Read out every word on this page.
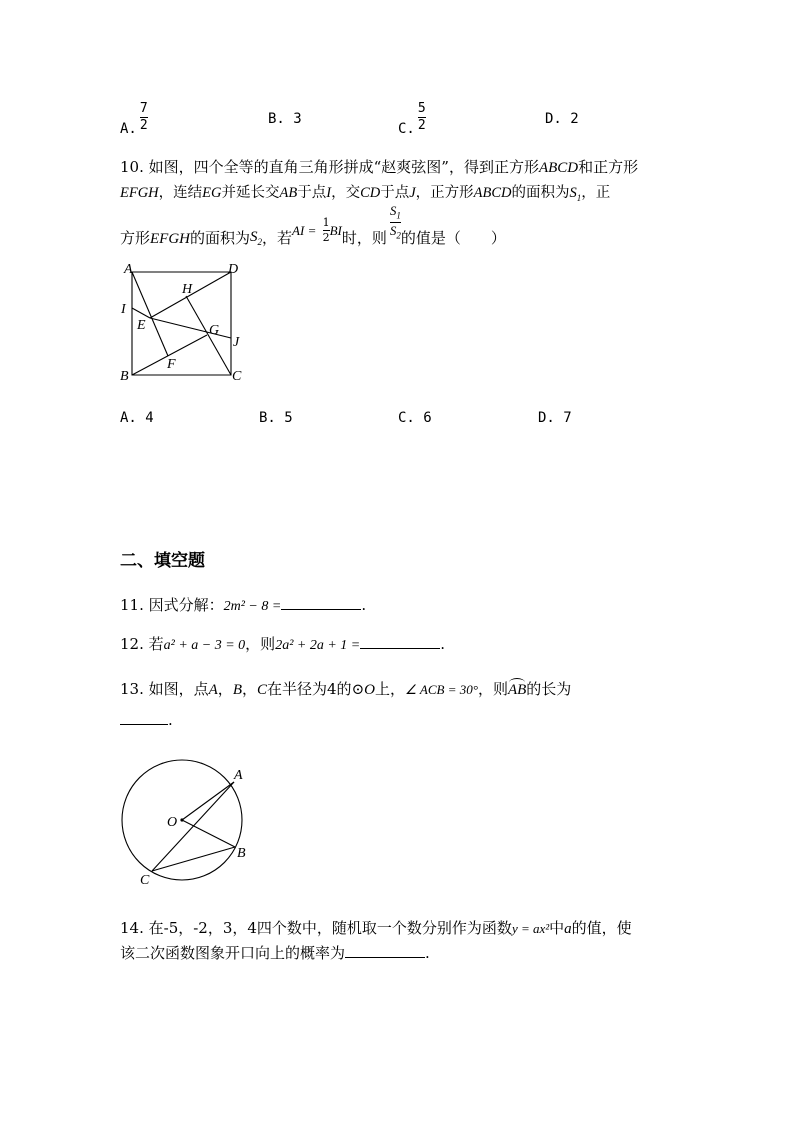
A. $\frac{7}{2}$	B. 3
C. $\frac{5}{2}$	D. 2
10. 如图，四个全等的直角三角形拼成“赵爽弦图”，得到正方形ABCD和正方形
EFGH，连结EG并延长交AB于点I，交CD于点J，正方形ABCD的面积为$S_1$，正
方形EFGH的面积为$S_2$，若AI = $\frac{1}{2}$ BI时，则 $\frac{S_1}{S_2}$ 的值是（　　）
A	D
B	C
I
E
H
G
J
F
A. 4	B. 5	C. 6	D. 7
二、填空题
11. 因式分解：2m² − 8 =	.
12. 若a² + a − 3 = 0，则2a² + 2a + 1 =	.
13. 如图，点A，B，C在半径为4的⊙O上，∠ ACB = 30°，则
AB的长为
.
A
B
C
O
14. 在-5，-2，3，4四个数中，随机取一个数分别作为函数y = ax²中a的值，使
该二次函数图象开口向上的概率为	.
